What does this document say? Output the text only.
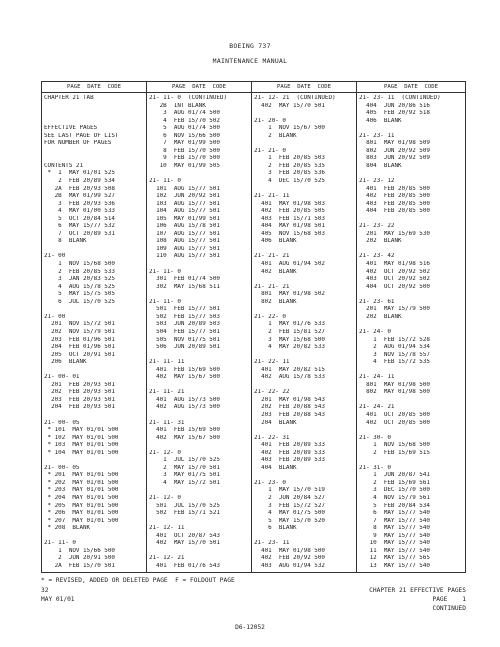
BOEING 737
MAINTENANCE MANUAL
PAGE  DATE  CODE
CHAPTER 21 TAB
EFFECTIVE PAGES
SEE LAST PAGE OF LIST
FOR NUMBER OF PAGES
CONTENTS 21
*  1  MAY 01/01 525
2  FEB 20/89 534
2A  FEB 20/93 508
2B  MAY 01/99 527
3  FEB 20/93 536
4  MAY 01/00 533
5  OCT 20/84 514
6  MAY 15/77 532
7  OCT 20/89 531
8  BLANK
21- 00
1  NOV 15/68 500
2  FEB 20/85 533
3  JAN 20/83 525
4  AUG 15/78 525
5  MAY 15/75 505
6  JUL 15/70 525
21- 00
201  NOV 15/72 501
202  NOV 15/79 501
203  FEB 01/96 501
204  FEB 01/96 501
205  OCT 20/91 501
206  BLANK
21- 00- 01
201  FEB 20/93 501
202  FEB 20/93 501
203  FEB 20/93 501
204  FEB 20/93 501
21- 00- 05
* 101  MAY 01/01 500
* 102  MAY 01/01 500
* 103  MAY 01/01 500
* 104  MAY 01/01 500
21- 00- 05
* 201  MAY 01/01 500
* 202  MAY 01/01 500
* 203  MAY 01/01 500
* 204  MAY 01/01 500
* 205  MAY 01/01 500
* 206  MAY 01/01 500
* 207  MAY 01/01 500
* 208  BLANK
21- 11- 0
1  NOV 15/66 500
2  JUN 20/91 500
2A  FEB 15/70 501
PAGE  DATE  CODE
21- 11- 0  (CONTINUED)
2B  INT BLANK
3  AUG 01/74 500
4  FEB 15/70 502
5  AUG 01/74 500
6  NOV 15/66 500
7  MAY 01/99 500
8  FEB 15/70 500
9  FEB 15/70 500
10  MAY 01/99 505
21- 11- 0
101  AUG 15/77 501
102  JUN 20/92 501
103  AUG 15/77 501
104  AUG 15/77 501
105  MAY 01/99 501
106  AUG 15/78 501
107  AUG 15/77 501
108  AUG 15/77 501
109  AUG 15/77 501
110  AUG 15/77 501
21- 11- 0
301  FEB 01/74 500
302  MAY 15/68 511
21- 11- 0
501  FEB 15/77 501
502  FEB 15/77 503
503  JUN 20/89 503
504  FEB 15/77 501
505  NOV 01/75 501
506  JUN 20/89 501
21- 11- 11
401  FEB 15/69 500
402  MAY 15/67 500
21- 11- 21
401  AUG 15/73 500
402  AUG 15/73 500
21- 11- 31
401  FEB 15/69 500
402  MAY 15/67 500
21- 12- 0
1  JUL 15/70 525
2  MAY 15/70 501
3  MAY 01/75 501
4  MAY 15/72 501
21- 12- 0
501  JUL 15/70 525
502  FEB 15/71 521
21- 12- 11
401  OCT 20/87 543
402  MAY 15/70 501
21- 12- 21
401  FEB 01/76 543
PAGE  DATE  CODE
21- 12- 21  (CONTINUED)
402  MAY 15/70 501
21- 20- 0
1  NOV 15/67 500
2  BLANK
21- 21- 0
1  FEB 20/85 503
2  FEB 20/85 535
3  FEB 20/85 536
4  DEC 15/70 525
21- 21- 11
401  MAY 01/98 503
402  FEB 20/85 505
403  FEB 15/71 503
404  MAY 01/98 501
405  NOV 15/68 503
406  BLANK
21- 21- 21
401  AUG 01/94 502
402  BLANK
21- 21- 21
801  MAY 01/98 502
802  BLANK
21- 22- 0
1  MAY 01/76 533
2  FEB 15/81 527
3  MAY 15/68 500
4  MAY 20/82 533
21- 22- 11
401  MAY 20/82 515
402  AUG 15/78 533
21- 22- 22
201  MAY 01/98 543
202  FEB 20/88 543
203  FEB 20/88 543
204  BLANK
21- 22- 31
401  FEB 20/89 533
402  FEB 20/89 533
403  FEB 20/89 533
404  BLANK
21- 23- 0
1  MAY 15/70 519
2  JUN 20/84 527
3  FEB 15/72 527
4  MAY 01/75 500
5  MAY 15/70 520
6  BLANK
21- 23- 11
401  MAY 01/98 500
402  FEB 20/92 500
403  AUG 01/94 532
PAGE  DATE  CODE
21- 23- 11  (CONTINUED)
404  JUN 20/86 516
405  FEB 20/92 518
406  BLANK
21- 23- 11
801  MAY 01/98 509
802  JUN 20/92 509
803  JUN 20/92 509
804  BLANK
21- 23- 12
401  FEB 20/85 500
402  FEB 20/85 500
403  FEB 20/85 500
404  FEB 20/85 500
21- 23- 22
201  MAY 15/69 530
202  BLANK
21- 23- 42
401  MAY 01/98 516
402  OCT 20/92 502
403  OCT 20/92 502
404  OCT 20/92 500
21- 23- 61
201  MAY 15/79 500
202  BLANK
21- 24- 0
1  FEB 15/72 528
2  AUG 01/94 534
3  NOV 15/78 557
4  FEB 15/72 535
21- 24- 11
801  MAY 01/98 500
802  MAY 01/98 500
21- 24- 21
401  OCT 20/85 500
402  OCT 20/85 500
21- 30- 0
1  NOV 15/68 500
2  FEB 15/69 515
21- 31- 0
1  JUN 20/87 541
2  FEB 15/69 561
3  DEC 15/70 500
4  NOV 15/79 561
5  FEB 20/84 534
6  MAY 15/77 540
7  MAY 15/77 540
8  MAY 15/77 540
9  MAY 15/77 540
10  MAY 15/77 540
11  MAY 15/77 540
12  MAY 15/77 565
13  MAY 15/77 540
* = REVISED, ADDED OR DELETED PAGE  F = FOLDOUT PAGE
32
MAY 01/01
CHAPTER 21 EFFECTIVE PAGES
PAGE    1
CONTINUED
D6-12052
